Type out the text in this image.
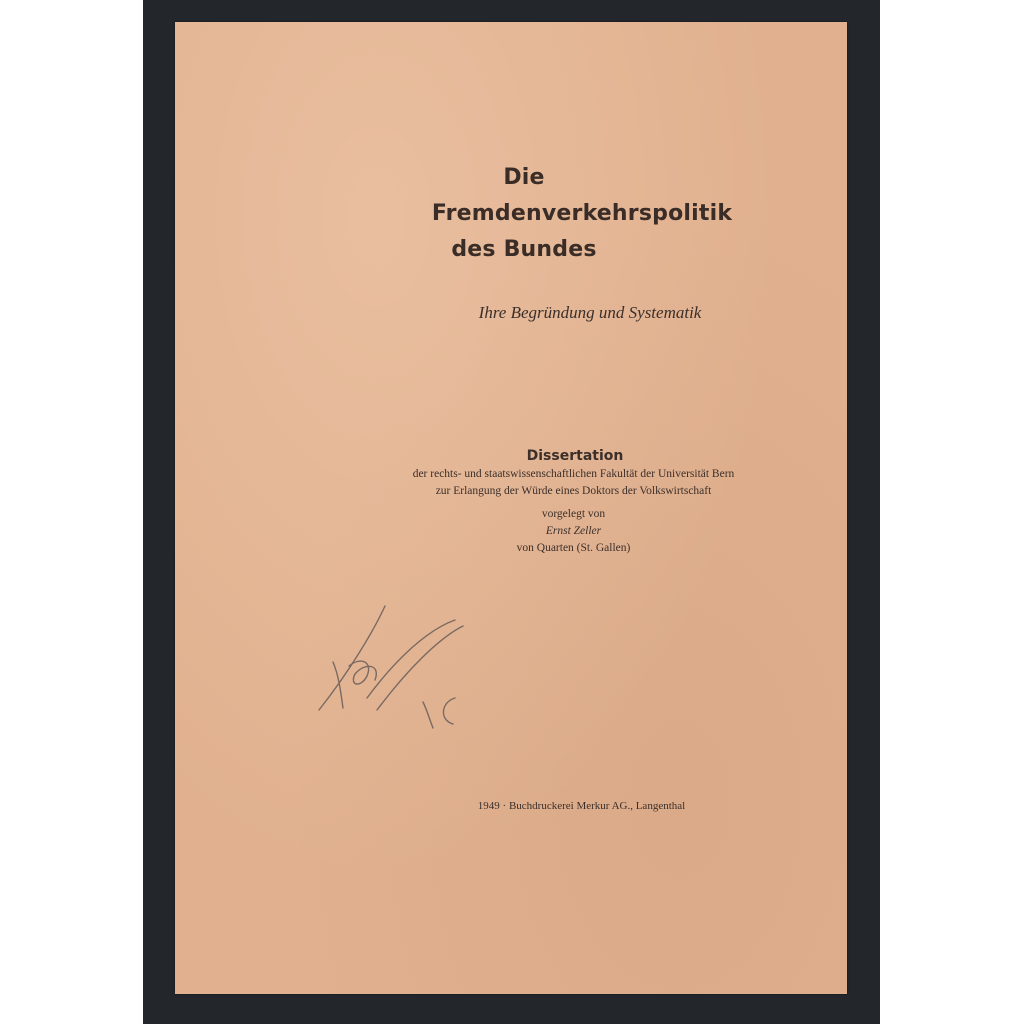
Die
Fremdenverkehrspolitik
des Bundes
Ihre Begründung und Systematik
Dissertation
der rechts- und staatswissenschaftlichen Fakultät der Universität Bern
zur Erlangung der Würde eines Doktors der Volkswirtschaft
vorgelegt von
Ernst Zeller
von Quarten (St. Gallen)
1949 · Buchdruckerei Merkur AG., Langenthal
